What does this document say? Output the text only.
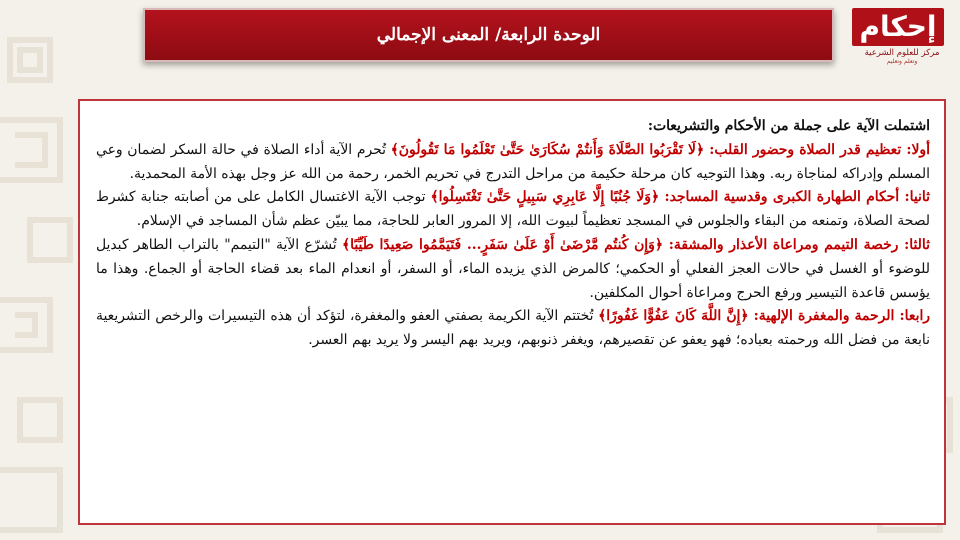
الوحدة الرابعة/ المعنى الإجمالي	إحكام
مركز للعلوم الشرعية
وتعلم وتعليم

اشتملت الآية على جملة من الأحكام والتشريعات:

أولا: تعظيم قدر الصلاة وحضور القلب: ﴿لَا تَقْرَبُوا الصَّلَاةَ وَأَنتُمْ سُكَارَىٰ حَتَّىٰ تَعْلَمُوا مَا تَقُولُونَ﴾ تُحرم الآية أداء الصلاة في حالة السكر لضمان وعي المسلم وإدراكه لمناجاة ربه. وهذا التوجيه كان مرحلة حكيمة من مراحل التدرج في تحريم الخمر، رحمة من الله عز وجل بهذه الأمة المحمدية.

ثانيا: أحكام الطهارة الكبرى وقدسية المساجد: ﴿وَلَا جُنُبًا إِلَّا عَابِرِي سَبِيلٍ حَتَّىٰ تَغْتَسِلُوا﴾ توجب الآية الاغتسال الكامل على من أصابته جنابة كشرط لصحة الصلاة، وتمنعه من البقاء والجلوس في المسجد تعظيماً لبيوت الله، إلا المرور العابر للحاجة، مما يبيّن عظم شأن المساجد في الإسلام.

ثالثا: رخصة التيمم ومراعاة الأعذار والمشقة: ﴿وَإِن كُنتُم مَّرْضَىٰ أَوْ عَلَىٰ سَفَرٍ... فَتَيَمَّمُوا صَعِيدًا طَيِّبًا﴾ تُشرّع الآية "التيمم" بالتراب الطاهر كبديل للوضوء أو الغسل في حالات العجز الفعلي أو الحكمي؛ كالمرض الذي يزيده الماء، أو السفر، أو انعدام الماء بعد قضاء الحاجة أو الجماع. وهذا ما يؤسس قاعدة التيسير ورفع الحرج ومراعاة أحوال المكلفين.

رابعا: الرحمة والمغفرة الإلهية: ﴿إِنَّ اللَّهَ كَانَ عَفُوًّا غَفُورًا﴾ تُختتم الآية الكريمة بصفتي العفو والمغفرة، لتؤكد أن هذه التيسيرات والرخص التشريعية نابعة من فضل الله ورحمته بعباده؛ فهو يعفو عن تقصيرهم، ويغفر ذنوبهم، ويريد بهم اليسر ولا يريد بهم العسر.
